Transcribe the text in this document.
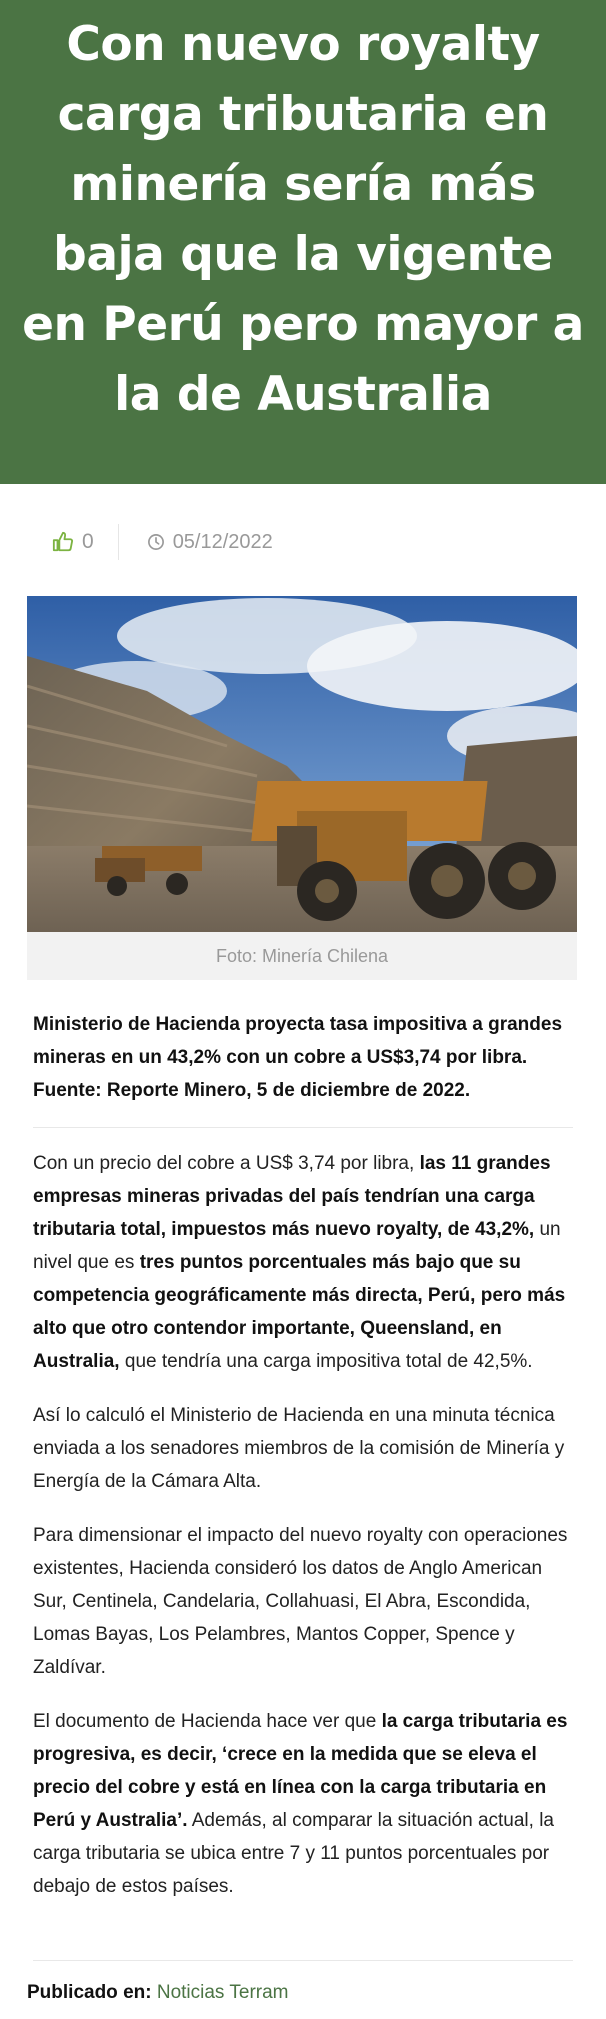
Con nuevo royalty carga tributaria en minería sería más baja que la vigente en Perú pero mayor a la de Australia
0	05/12/2022
Foto: Minería Chilena
Ministerio de Hacienda proyecta tasa impositiva a grandes mineras en un 43,2% con un cobre a US$3,74 por libra. Fuente: Reporte Minero, 5 de diciembre de 2022.

Con un precio del cobre a US$ 3,74 por libra, las 11 grandes empresas mineras privadas del país tendrían una carga tributaria total, impuestos más nuevo royalty, de 43,2%, un nivel que es tres puntos porcentuales más bajo que su competencia geográficamente más directa, Perú, pero más alto que otro contendor importante, Queensland, en Australia, que tendría una carga impositiva total de 42,5%.

Así lo calculó el Ministerio de Hacienda en una minuta técnica enviada a los senadores miembros de la comisión de Minería y Energía de la Cámara Alta.

Para dimensionar el impacto del nuevo royalty con operaciones existentes, Hacienda consideró los datos de Anglo American Sur, Centinela, Candelaria, Collahuasi, El Abra, Escondida, Lomas Bayas, Los Pelambres, Mantos Copper, Spence y Zaldívar.

El documento de Hacienda hace ver que la carga tributaria es progresiva, es decir, ‘crece en la medida que se eleva el precio del cobre y está en línea con la carga tributaria en Perú y Australia’. Además, al comparar la situación actual, la carga tributaria se ubica entre 7 y 11 puntos porcentuales por debajo de estos países.

Publicado en: Noticias Terram
